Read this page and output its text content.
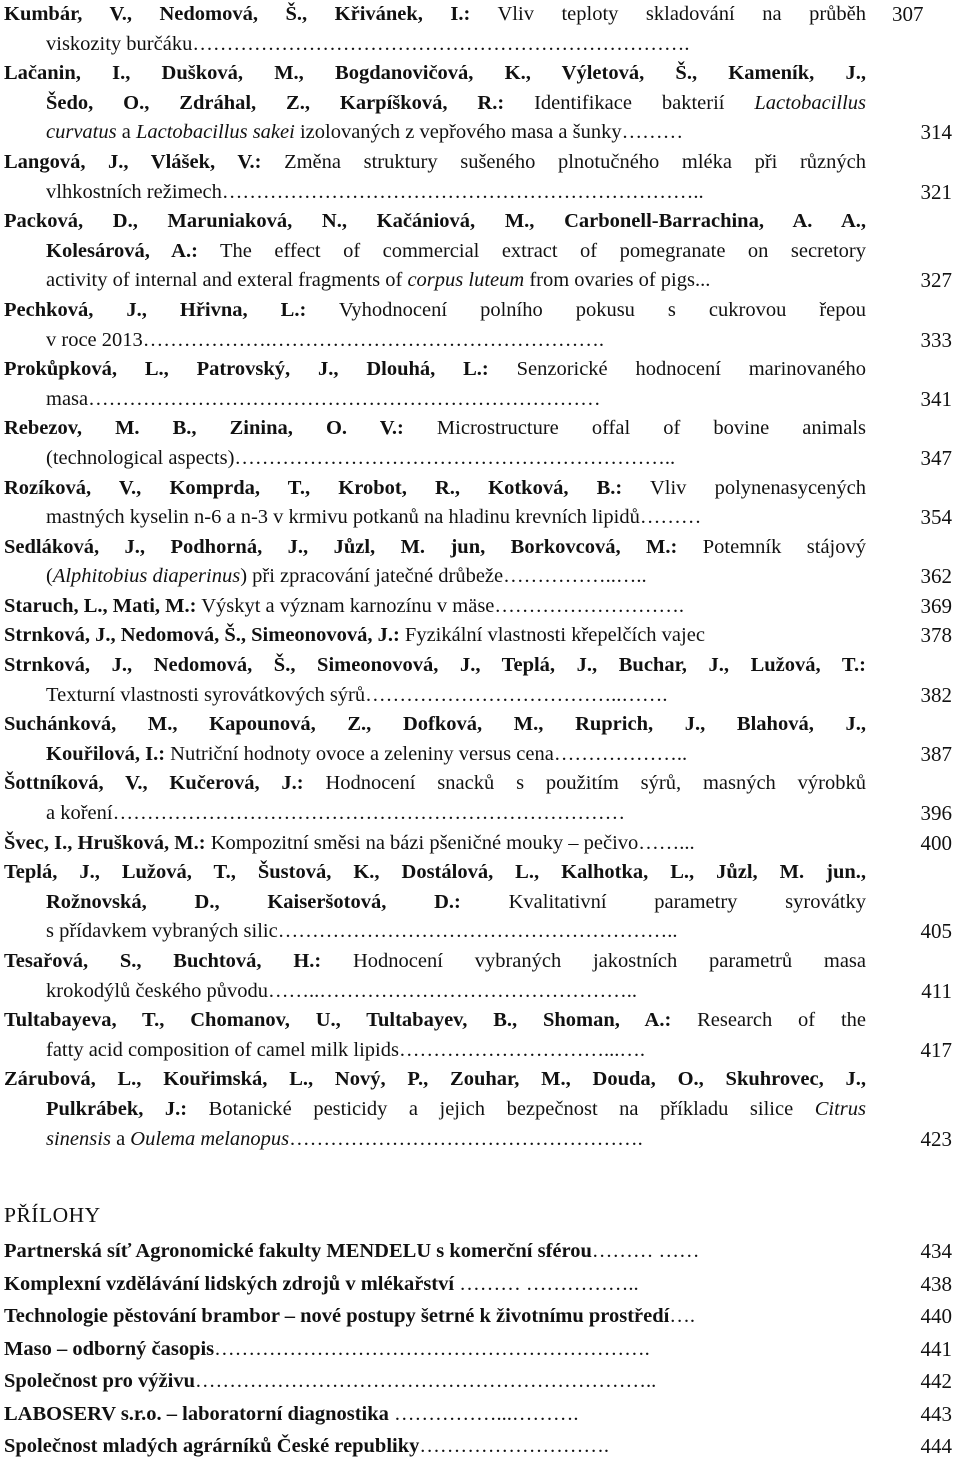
Kumbár, V., Nedomová, Š., Křivánek, I.: Vliv teploty skladování na průběh 307
viskozity burčáku……………………………………………………………….
Lačanin, I., Dušková, M., Bogdanovičová, K., Výletová, Š., Kameník, J.,
Šedo, O., Zdráhal, Z., Karpíšková, R.: Identifikace bakterií Lactobacillus
curvatus a Lactobacillus sakei izolovaných z vepřového masa a šunky………	314
Langová, J., Vlášek, V.: Změna struktury sušeného plnotučného mléka při různých
vlhkostních režimech……………………………………………………………..	321
Packová, D., Maruniaková, N., Kačániová, M., Carbonell-Barrachina, A. A.,
Kolesárová, A.: The effect of commercial extract of pomegranate on secretory
activity of internal and exteral fragments of corpus luteum from ovaries of pigs...	327
Pechková, J., Hřivna, L.: Vyhodnocení polního pokusu s cukrovou řepou
v roce 2013……………….………………………………………….	333
Prokůpková, L., Patrovský, J., Dlouhá, L.: Senzorické hodnocení marinovaného
masa…………………………………………………………………	341
Rebezov, M. B., Zinina, O. V.: Microstructure offal of bovine animals
(technological aspects)………………………………………………………..	347
Rozíková, V., Komprda, T., Krobot, R., Kotková, B.: Vliv polynenasycených
mastných kyselin n-6 a n-3 v krmivu potkanů na hladinu krevních lipidů………	354
Sedláková, J., Podhorná, J., Jůzl, M. jun, Borkovcová, M.: Potemník stájový
(Alphitobius diaperinus) při zpracování jatečné drůbeže……………..…..	362
Staruch, L., Mati, M.: Výskyt a význam karnozínu v mäse……………………….	369
Strnková, J., Nedomová, Š., Simeonovová, J.: Fyzikální vlastnosti křepelčích vajec	378
Strnková, J., Nedomová, Š., Simeonovová, J., Teplá, J., Buchar, J., Lužová, T.:
Texturní vlastnosti syrovátkových sýrů………………………………..…….	382
Suchánková, M., Kapounová, Z., Dofková, M., Ruprich, J., Blahová, J.,
Kouřilová, I.: Nutriční hodnoty ovoce a zeleniny versus cena………………..	387
Šottníková, V., Kučerová, J.: Hodnocení snacků s použitím sýrů, masných výrobků
a koření…………………………………………………………………	396
Švec, I., Hrušková, M.: Kompozitní směsi na bázi pšeničné mouky – pečivo……...	400
Teplá, J., Lužová, T., Šustová, K., Dostálová, L., Kalhotka, L., Jůzl, M. jun.,
Rožnovská, D., Kaiseršotová, D.: Kvalitativní parametry syrovátky
s přídavkem vybraných silic…………………………………………………..	405
Tesařová, S., Buchtová, H.: Hodnocení vybraných jakostních parametrů masa
krokodýlů českého původu……..………………………………………..	411
Tultabayeva, T., Chomanov, U., Tultabayev, B., Shoman, A.: Research of the
fatty acid composition of camel milk lipids…………………………...….	417
Zárubová, L., Kouřimská, L., Nový, P., Zouhar, M., Douda, O., Skuhrovec, J.,
Pulkrábek, J.: Botanické pesticidy a jejich bezpečnost na příkladu silice Citrus
sinensis a Oulema melanopus…………………………………………….	423
PŘÍLOHY
Partnerská síť Agronomické fakulty MENDELU s komerční sférou……… ……	434
Komplexní vzdělávání lidských zdrojů v mlékařství ……… ……………..	438
Technologie pěstování brambor – nové postupy šetrné k životnímu prostředí….	440
Maso – odborný časopis……………………………………………………….	441
Společnost pro výživu…………………………………………………………..	442
LABOSERV s.r.o. – laboratorní diagnostika ……………...……….	443
Společnost mladých agrárníků České republiky……………………….	444
